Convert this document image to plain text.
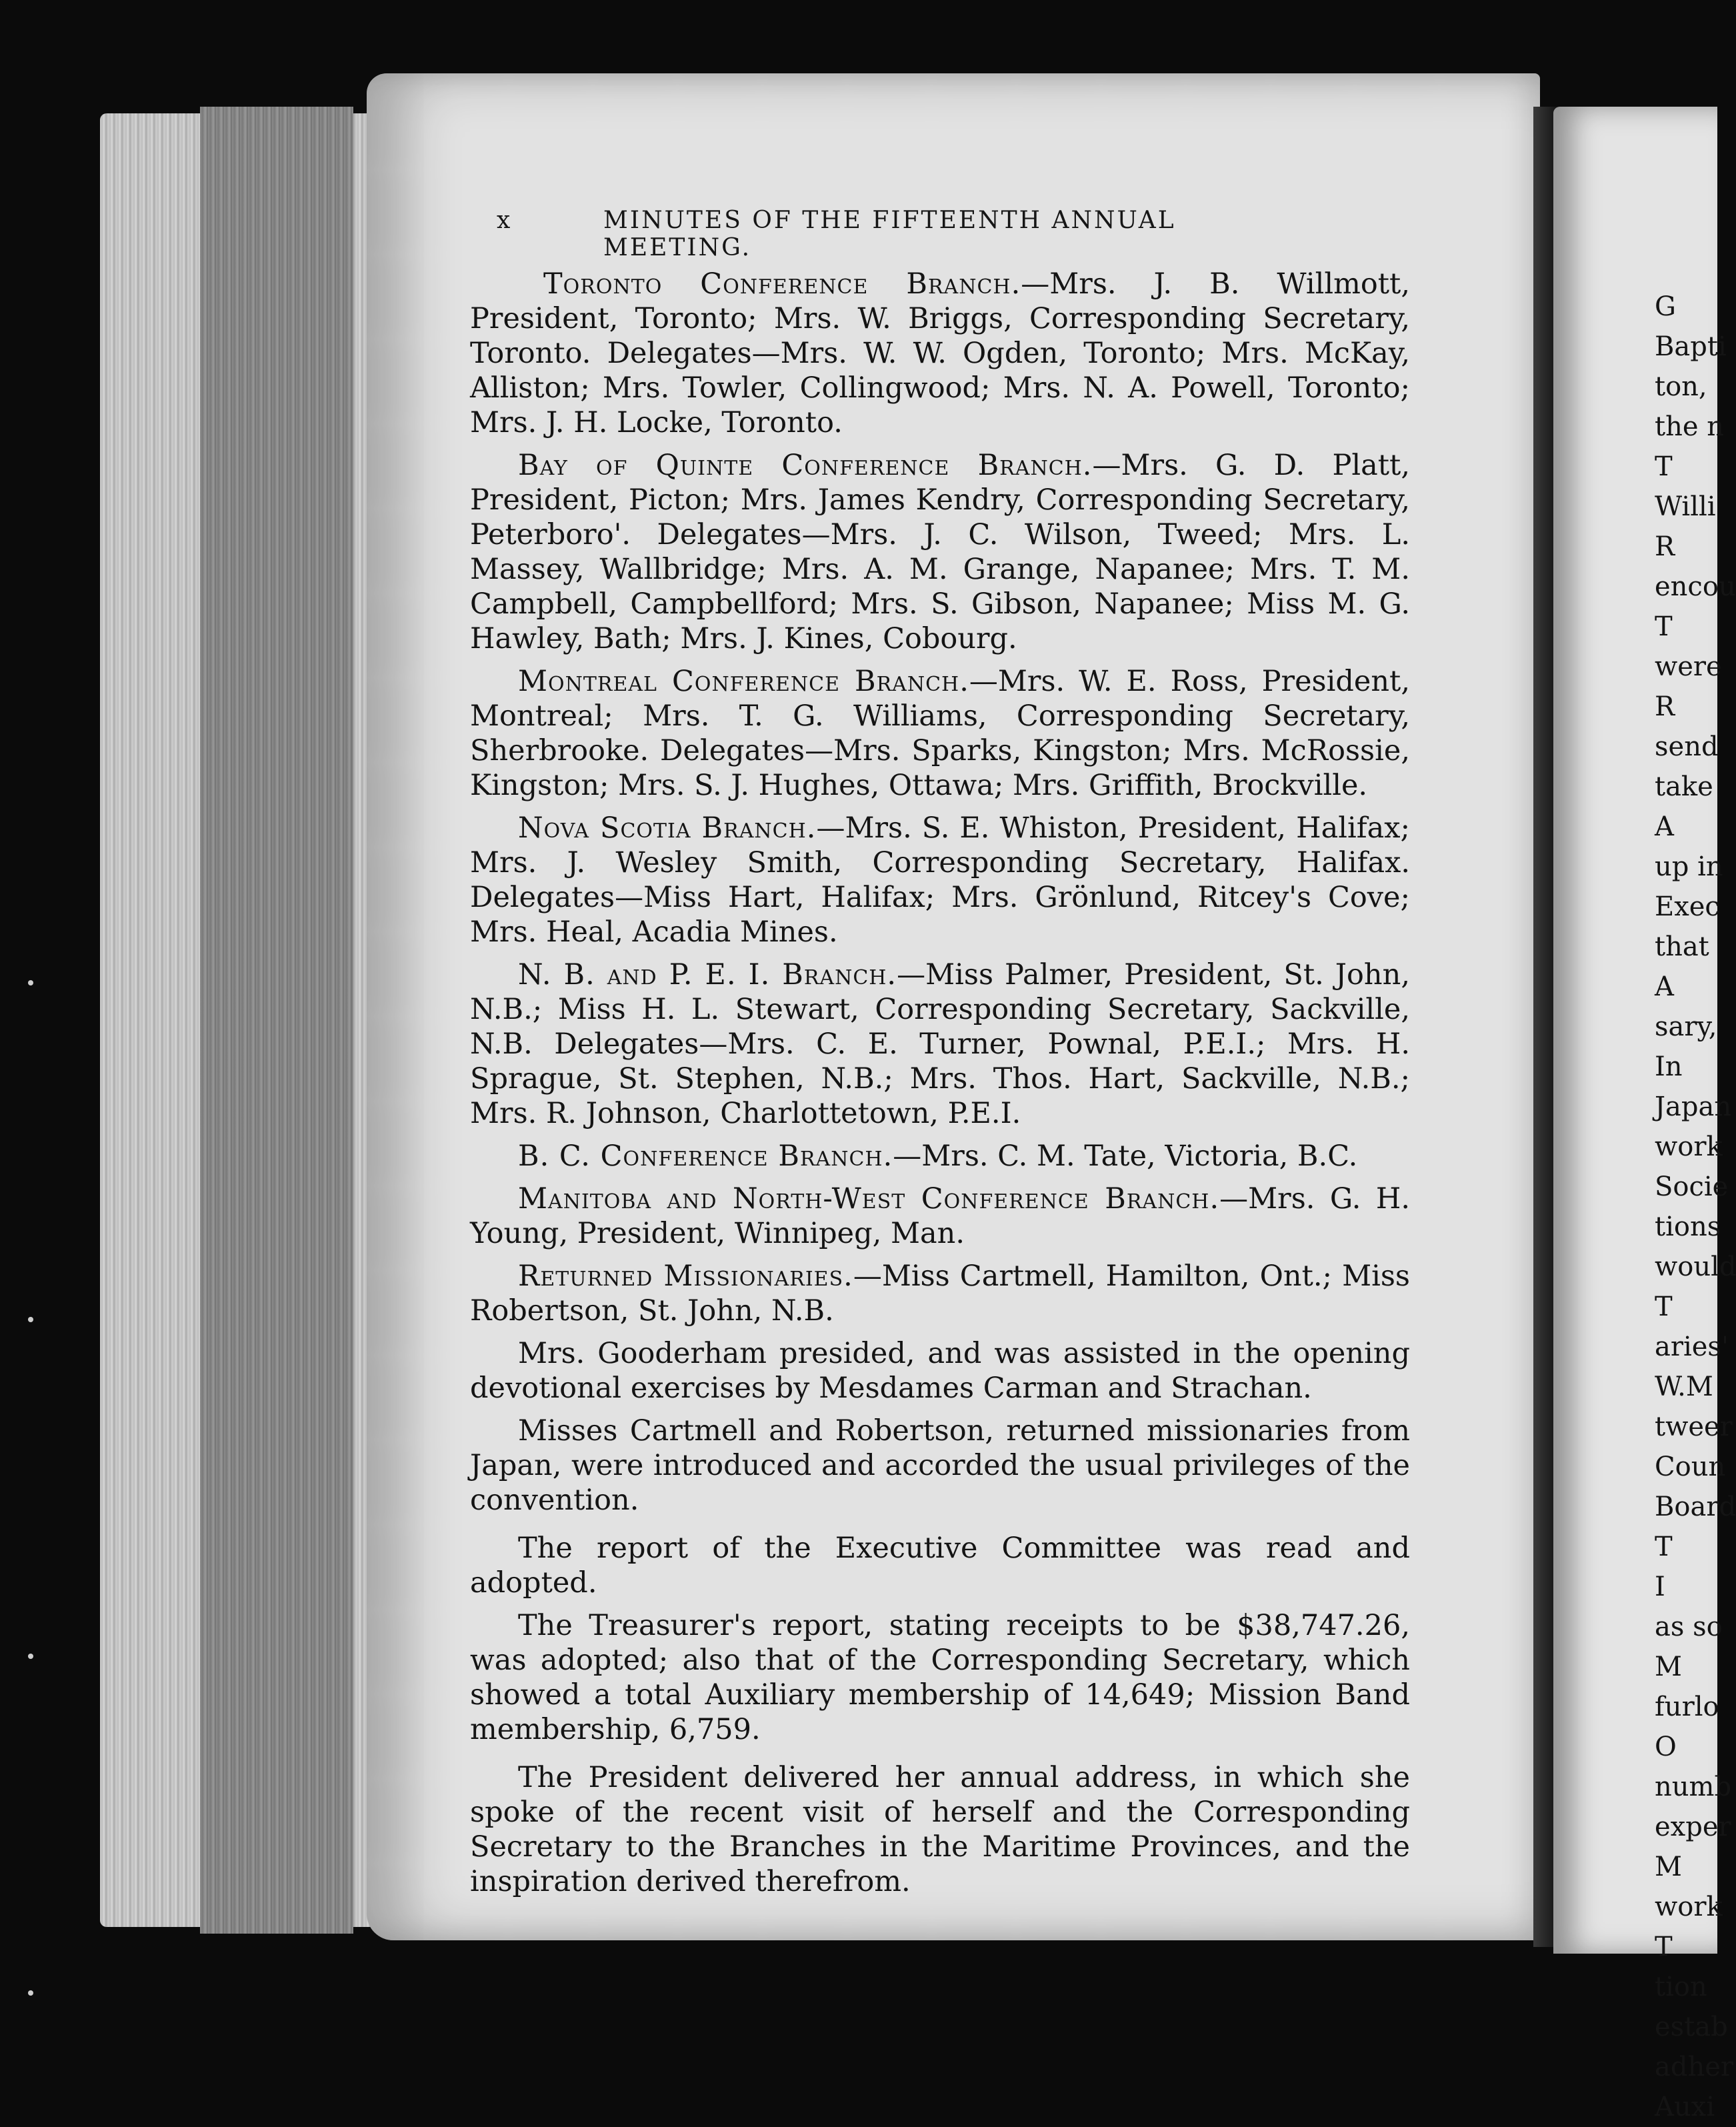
x	MINUTES OF THE FIFTEENTH ANNUAL MEETING.

Toronto Conference Branch.—Mrs. J. B. Willmott, President, Toronto; Mrs. W. Briggs, Corresponding Secretary, Toronto. Delegates—Mrs. W. W. Ogden, Toronto; Mrs. McKay, Alliston; Mrs. Towler, Collingwood; Mrs. N. A. Powell, Toronto; Mrs. J. H. Locke, Toronto.

Bay of Quinte Conference Branch.—Mrs. G. D. Platt, President, Picton; Mrs. James Kendry, Corresponding Secretary, Peterboro'. Delegates—Mrs. J. C. Wilson, Tweed; Mrs. L. Massey, Wallbridge; Mrs. A. M. Grange, Napanee; Mrs. T. M. Campbell, Campbellford; Mrs. S. Gibson, Napanee; Miss M. G. Hawley, Bath; Mrs. J. Kines, Cobourg.

Montreal Conference Branch.—Mrs. W. E. Ross, President, Montreal; Mrs. T. G. Williams, Corresponding Secretary, Sherbrooke. Delegates—Mrs. Sparks, Kingston; Mrs. McRossie, Kingston; Mrs. S. J. Hughes, Ottawa; Mrs. Griffith, Brockville.

Nova Scotia Branch.—Mrs. S. E. Whiston, President, Halifax; Mrs. J. Wesley Smith, Corresponding Secretary, Halifax. Delegates—Miss Hart, Halifax; Mrs. Grönlund, Ritcey's Cove; Mrs. Heal, Acadia Mines.

N. B. and P. E. I. Branch.—Miss Palmer, President, St. John, N.B.; Miss H. L. Stewart, Corresponding Secretary, Sackville, N.B. Delegates—Mrs. C. E. Turner, Pownal, P.E.I.; Mrs. H. Sprague, St. Stephen, N.B.; Mrs. Thos. Hart, Sackville, N.B.; Mrs. R. Johnson, Charlottetown, P.E.I.

B. C. Conference Branch.—Mrs. C. M. Tate, Victoria, B.C.

Manitoba and North-West Conference Branch.—Mrs. G. H. Young, President, Winnipeg, Man.

Returned Missionaries.—Miss Cartmell, Hamilton, Ont.; Miss Robertson, St. John, N.B.

Mrs. Gooderham presided, and was assisted in the opening devotional exercises by Mesdames Carman and Strachan.

Misses Cartmell and Robertson, returned missionaries from Japan, were introduced and accorded the usual privileges of the convention.

The report of the Executive Committee was read and adopted.

The Treasurer's report, stating receipts to be $38,747.26, was adopted; also that of the Corresponding Secretary, which showed a total Auxiliary membership of 14,649; Mission Band membership, 6,759.

The President delivered her annual address, in which she spoke of the recent visit of herself and the Corresponding Secretary to the Branches in the Maritime Provinces, and the inspiration derived therefrom.

G
Bapti
ton,
the n
T
Willi
R
encou
T
were
R
send
take
A
up in
Exec
that
A
sary,
In
Japan
work
Socie
tions
would
T
aries'
W.M
tweer
Coun
Board
T
I
as so
M
furlo
O
numb
exper
M
work
T
tion
estab
adher
Auxi
